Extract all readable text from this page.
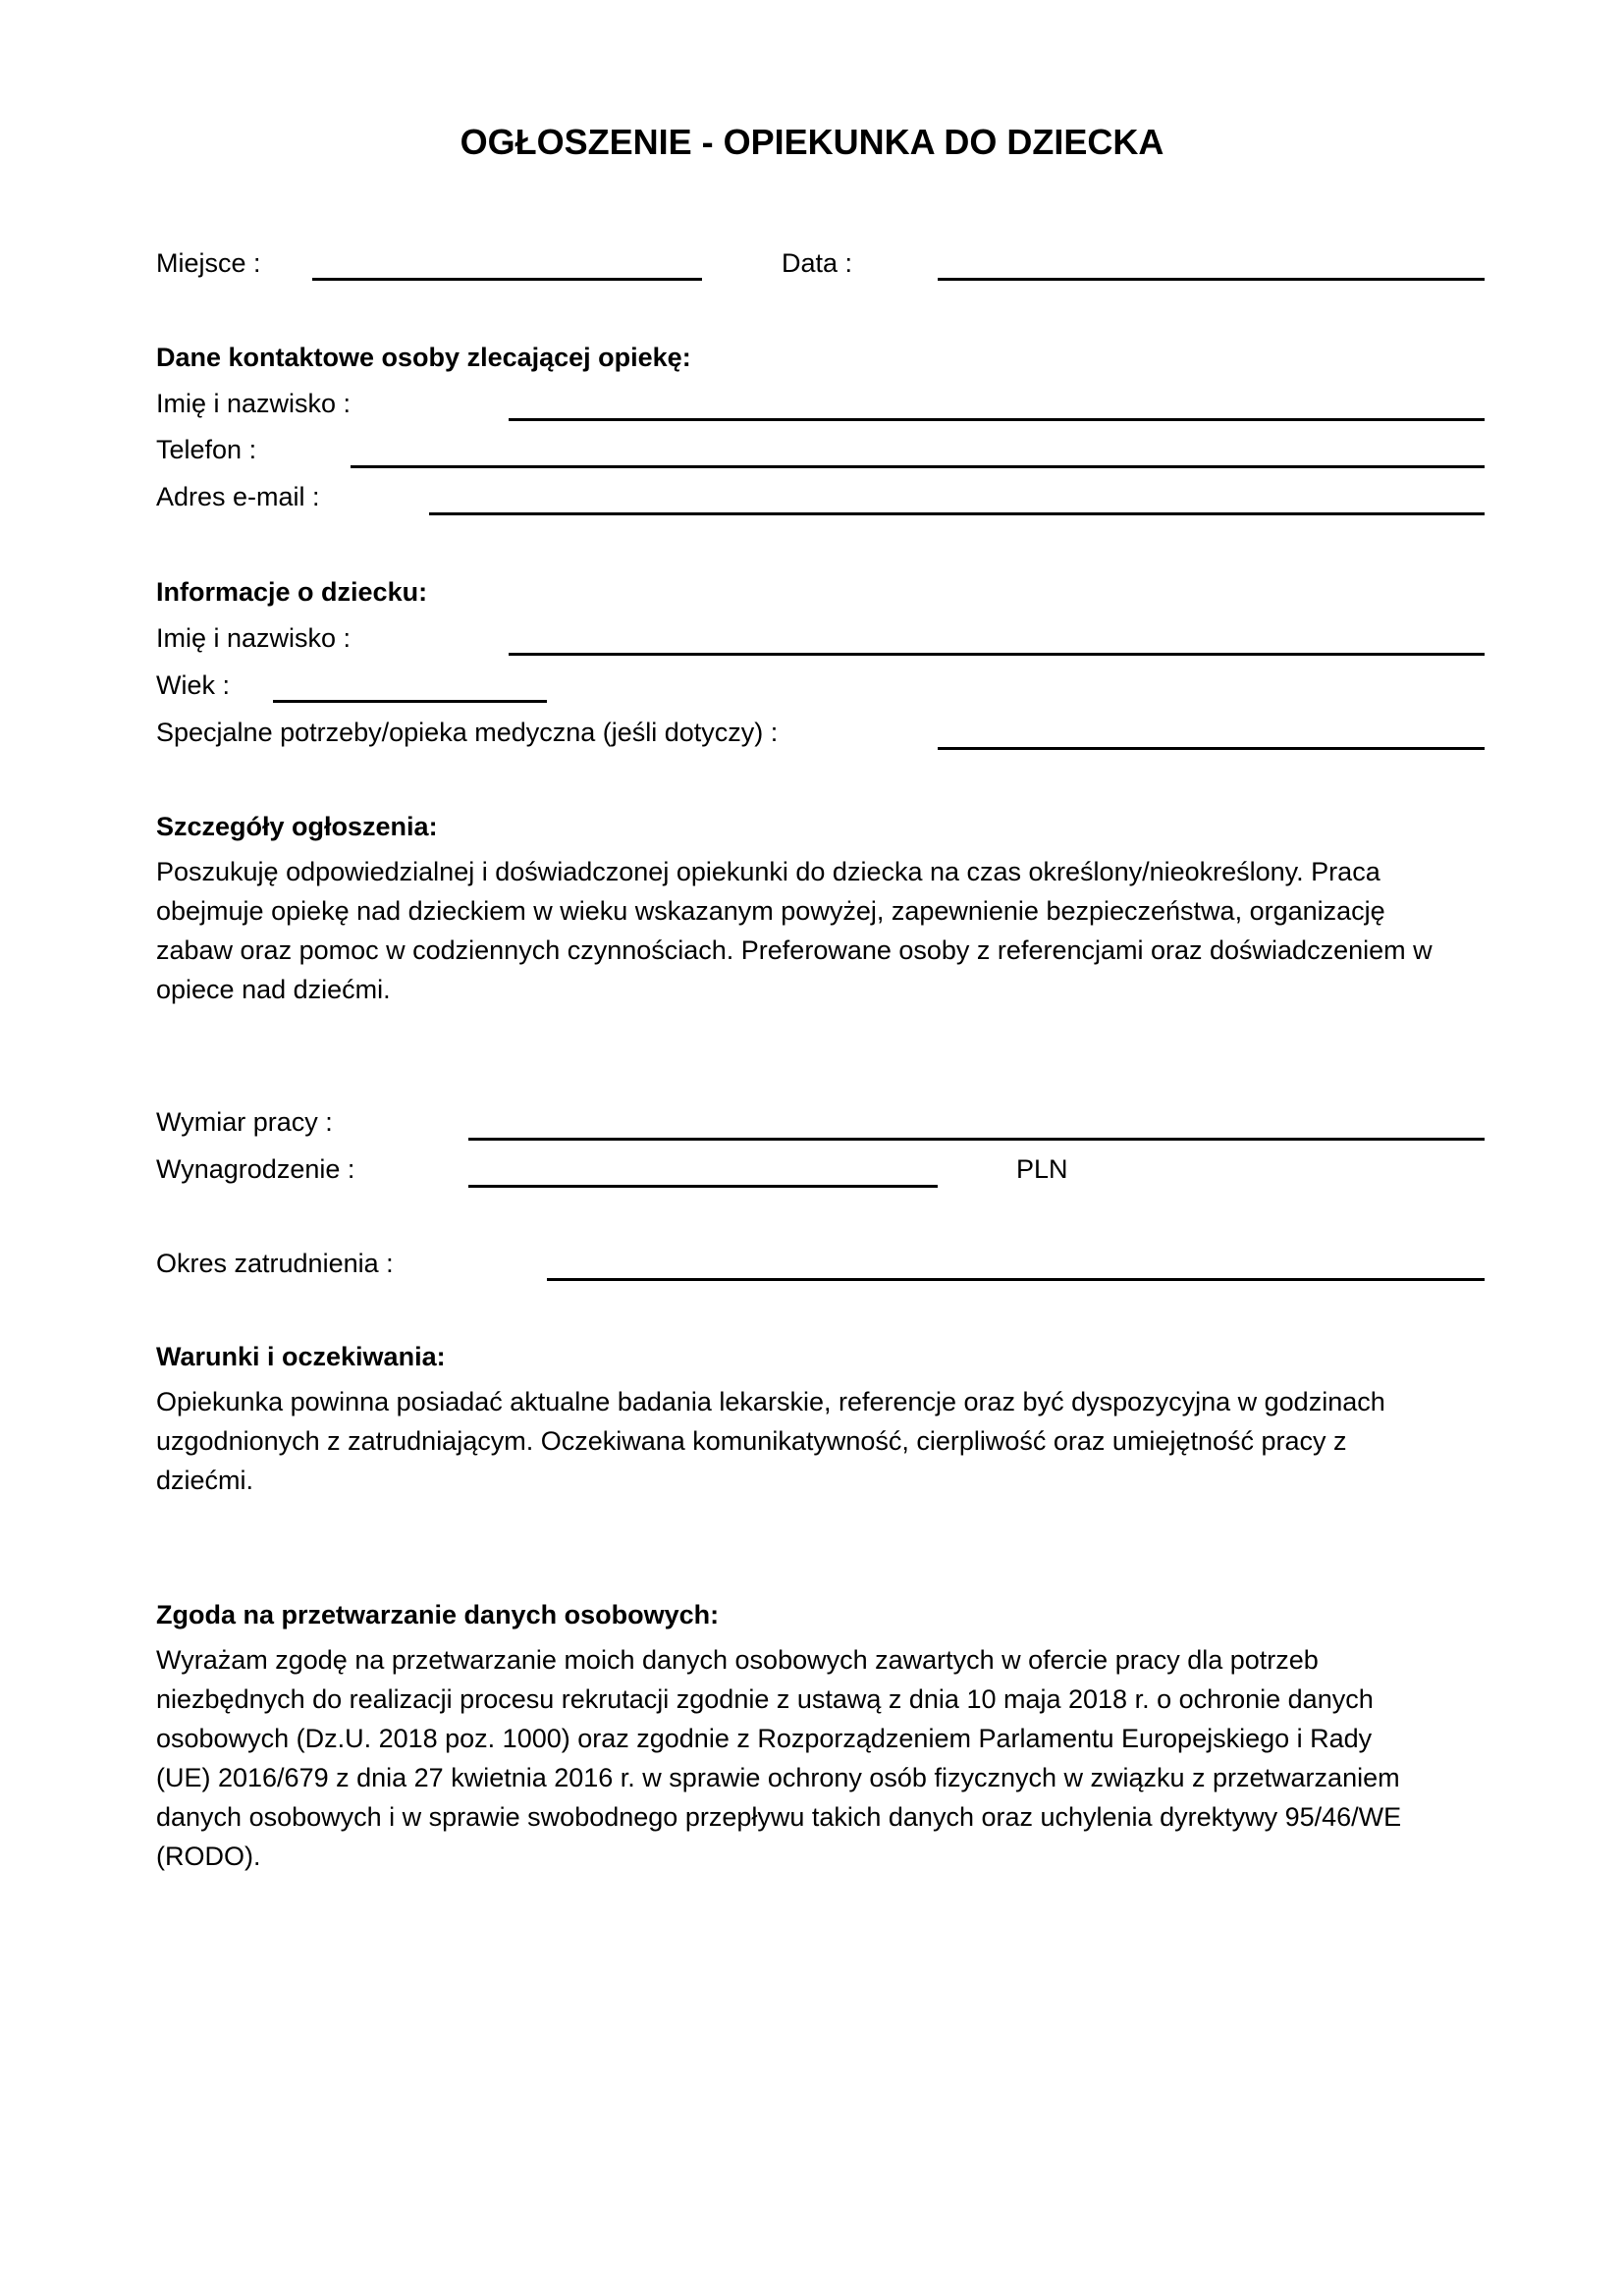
OGŁOSZENIE - OPIEKUNKA DO DZIECKA
Miejsce :	Data :
Dane kontaktowe osoby zlecającej opiekę:
Imię i nazwisko :
Telefon :
Adres e-mail :
Informacje o dziecku:
Imię i nazwisko :
Wiek :
Specjalne potrzeby/opieka medyczna (jeśli dotyczy) :
Szczegóły ogłoszenia:
Poszukuję odpowiedzialnej i doświadczonej opiekunki do dziecka na czas określony/nieokreślony. Praca
obejmuje opiekę nad dzieckiem w wieku wskazanym powyżej, zapewnienie bezpieczeństwa, organizację
zabaw oraz pomoc w codziennych czynnościach. Preferowane osoby z referencjami oraz doświadczeniem w
opiece nad dziećmi.
Wymiar pracy :
Wynagrodzenie :	PLN
Okres zatrudnienia :
Warunki i oczekiwania:
Opiekunka powinna posiadać aktualne badania lekarskie, referencje oraz być dyspozycyjna w godzinach
uzgodnionych z zatrudniającym. Oczekiwana komunikatywność, cierpliwość oraz umiejętność pracy z
dziećmi.
Zgoda na przetwarzanie danych osobowych:
Wyrażam zgodę na przetwarzanie moich danych osobowych zawartych w ofercie pracy dla potrzeb
niezbędnych do realizacji procesu rekrutacji zgodnie z ustawą z dnia 10 maja 2018 r. o ochronie danych
osobowych (Dz.U. 2018 poz. 1000) oraz zgodnie z Rozporządzeniem Parlamentu Europejskiego i Rady
(UE) 2016/679 z dnia 27 kwietnia 2016 r. w sprawie ochrony osób fizycznych w związku z przetwarzaniem
danych osobowych i w sprawie swobodnego przepływu takich danych oraz uchylenia dyrektywy 95/46/WE
(RODO).
